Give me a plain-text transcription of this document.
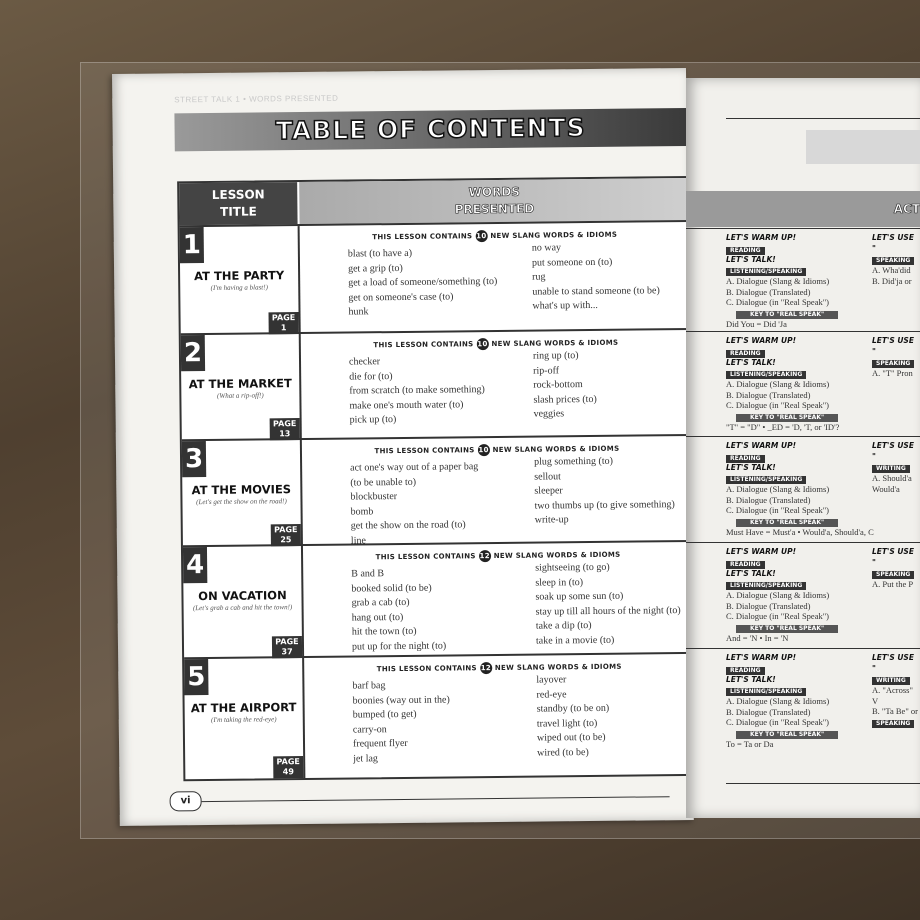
STREET TALK 1 • WORDS PRESENTED
TABLE OF CONTENTS
LESSON
TITLE
WORDS
PRESENTED
1
AT THE PARTY
(I'm having a blast!)
PAGE
1
THIS LESSON CONTAINS 10 NEW SLANG WORDS & IDIOMS
blast (to have a)
get a grip (to)
get a load of someone/something (to)
get on someone's case (to)
hunk
no way
put someone on (to)
rug
unable to stand someone (to be)
what's up with...
2
AT THE MARKET
(What a rip-off!)
PAGE
13
THIS LESSON CONTAINS 10 NEW SLANG WORDS & IDIOMS
checker
die for (to)
from scratch (to make something)
make one's mouth water (to)
pick up (to)
ring up (to)
rip-off
rock-bottom
slash prices (to)
veggies
3
AT THE MOVIES
(Let's get the show on the road!)
PAGE
25
THIS LESSON CONTAINS 10 NEW SLANG WORDS & IDIOMS
act one's way out of a paper bag
(to be unable to)
blockbuster
bomb
get the show on the road (to)
line
plug something (to)
sellout
sleeper
two thumbs up (to give something)
write-up
4
ON VACATION
(Let's grab a cab and hit the town!)
PAGE
37
THIS LESSON CONTAINS 12 NEW SLANG WORDS & IDIOMS
B and B
booked solid (to be)
grab a cab (to)
hang out (to)
hit the town (to)
put up for the night (to)
sightseeing (to go)
sleep in (to)
soak up some sun (to)
stay up till all hours of the night (to)
take a dip (to)
take in a movie (to)
5
AT THE AIRPORT
(I'm taking the red-eye)
PAGE
49
THIS LESSON CONTAINS 12 NEW SLANG WORDS & IDIOMS
barf bag
boonies (way out in the)
bumped (to get)
carry-on
frequent flyer
jet lag
layover
red-eye
standby (to be on)
travel light (to)
wiped out (to be)
wired (to be)
vi
ACT
LET'S WARM UP!
READING
LET'S TALK!
LISTENING/SPEAKING
A. Dialogue (Slang & Idioms)
B. Dialogue (Translated)
C. Dialogue (in "Real Speak")
KEY TO "REAL SPEAK"
Did You = Did 'Ja
LET'S USE "
SPEAKING
A. Wha'did
B. Did'ja or
LET'S WARM UP!
READING
LET'S TALK!
LISTENING/SPEAKING
A. Dialogue (Slang & Idioms)
B. Dialogue (Translated)
C. Dialogue (in "Real Speak")
KEY TO "REAL SPEAK"
"T" = "D" • _ED = 'D, 'T, or 'ID'?
LET'S USE "
SPEAKING
A. "T" Pron
LET'S WARM UP!
READING
LET'S TALK!
LISTENING/SPEAKING
A. Dialogue (Slang & Idioms)
B. Dialogue (Translated)
C. Dialogue (in "Real Speak")
KEY TO "REAL SPEAK"
Must Have = Must'a • Would'a, Should'a, C
LET'S USE "
WRITING
A. Should'a
Would'a
LET'S WARM UP!
READING
LET'S TALK!
LISTENING/SPEAKING
A. Dialogue (Slang & Idioms)
B. Dialogue (Translated)
C. Dialogue (in "Real Speak")
KEY TO "REAL SPEAK"
And = 'N • In = 'N
LET'S USE "
SPEAKING
A. Put the P
LET'S WARM UP!
READING
LET'S TALK!
LISTENING/SPEAKING
A. Dialogue (Slang & Idioms)
B. Dialogue (Translated)
C. Dialogue (in "Real Speak")
KEY TO "REAL SPEAK"
To = Ta or Da
LET'S USE "
WRITING
A. "Across" V
B. "Ta Be" or
SPEAKING
